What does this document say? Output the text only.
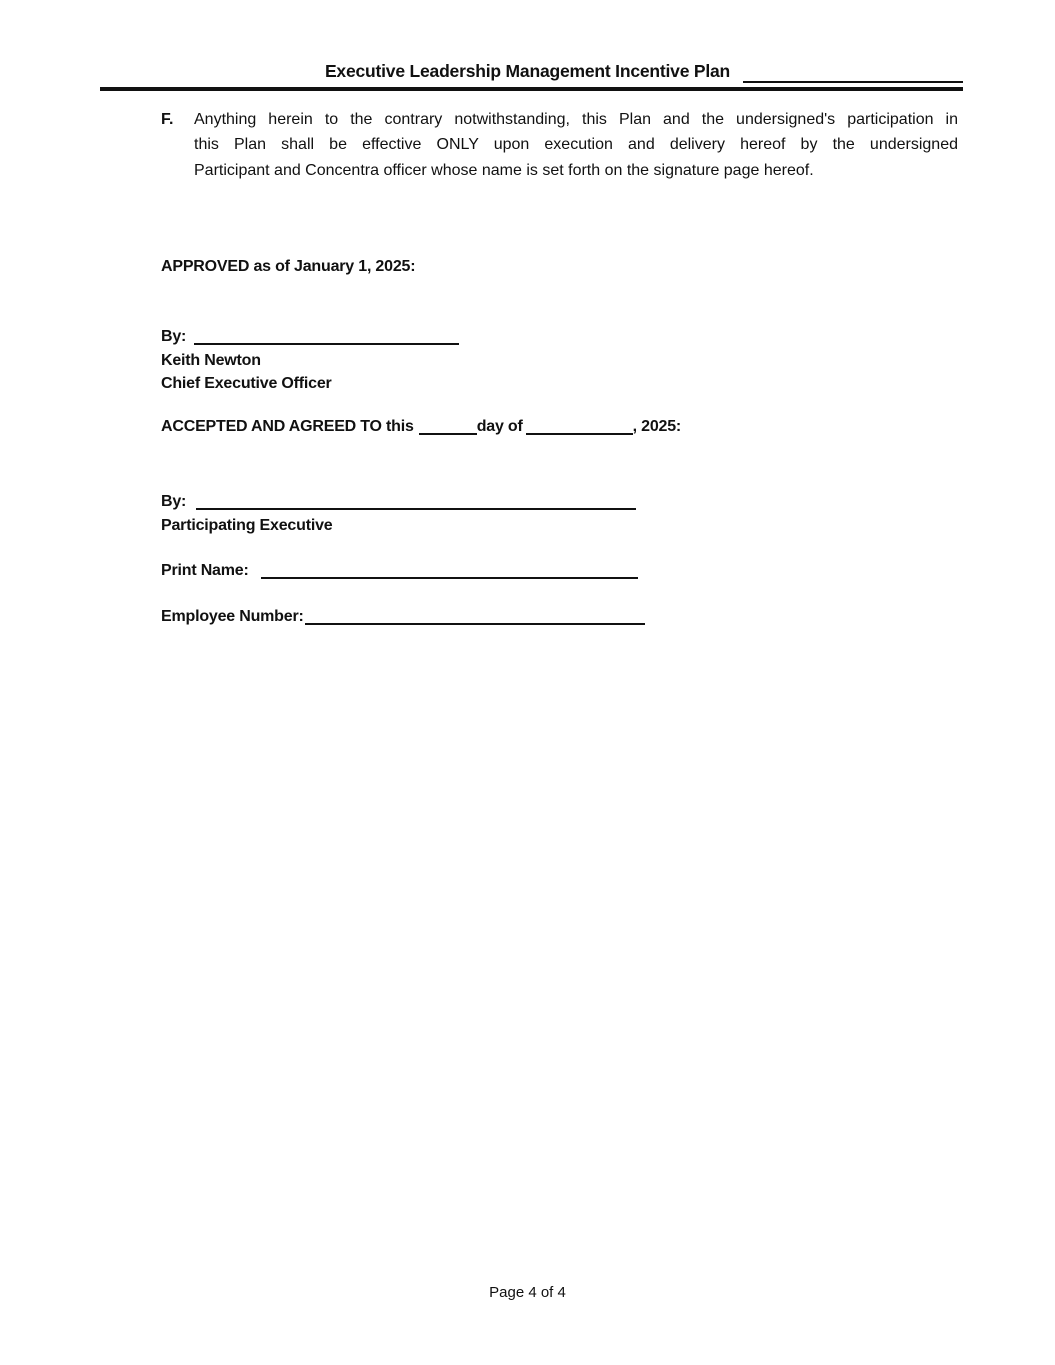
Executive Leadership Management Incentive Plan
F.	Anything herein to the contrary notwithstanding, this Plan and the undersigned's participation in
this Plan shall be effective ONLY upon execution and delivery hereof by the undersigned
Participant and Concentra officer whose name is set forth on the signature page hereof.
APPROVED as of January 1, 2025:
By:
Keith Newton
Chief Executive Officer
ACCEPTED AND AGREED TO this	day of	, 2025:
By:
Participating Executive
Print Name:
Employee Number:
Page 4 of 4
